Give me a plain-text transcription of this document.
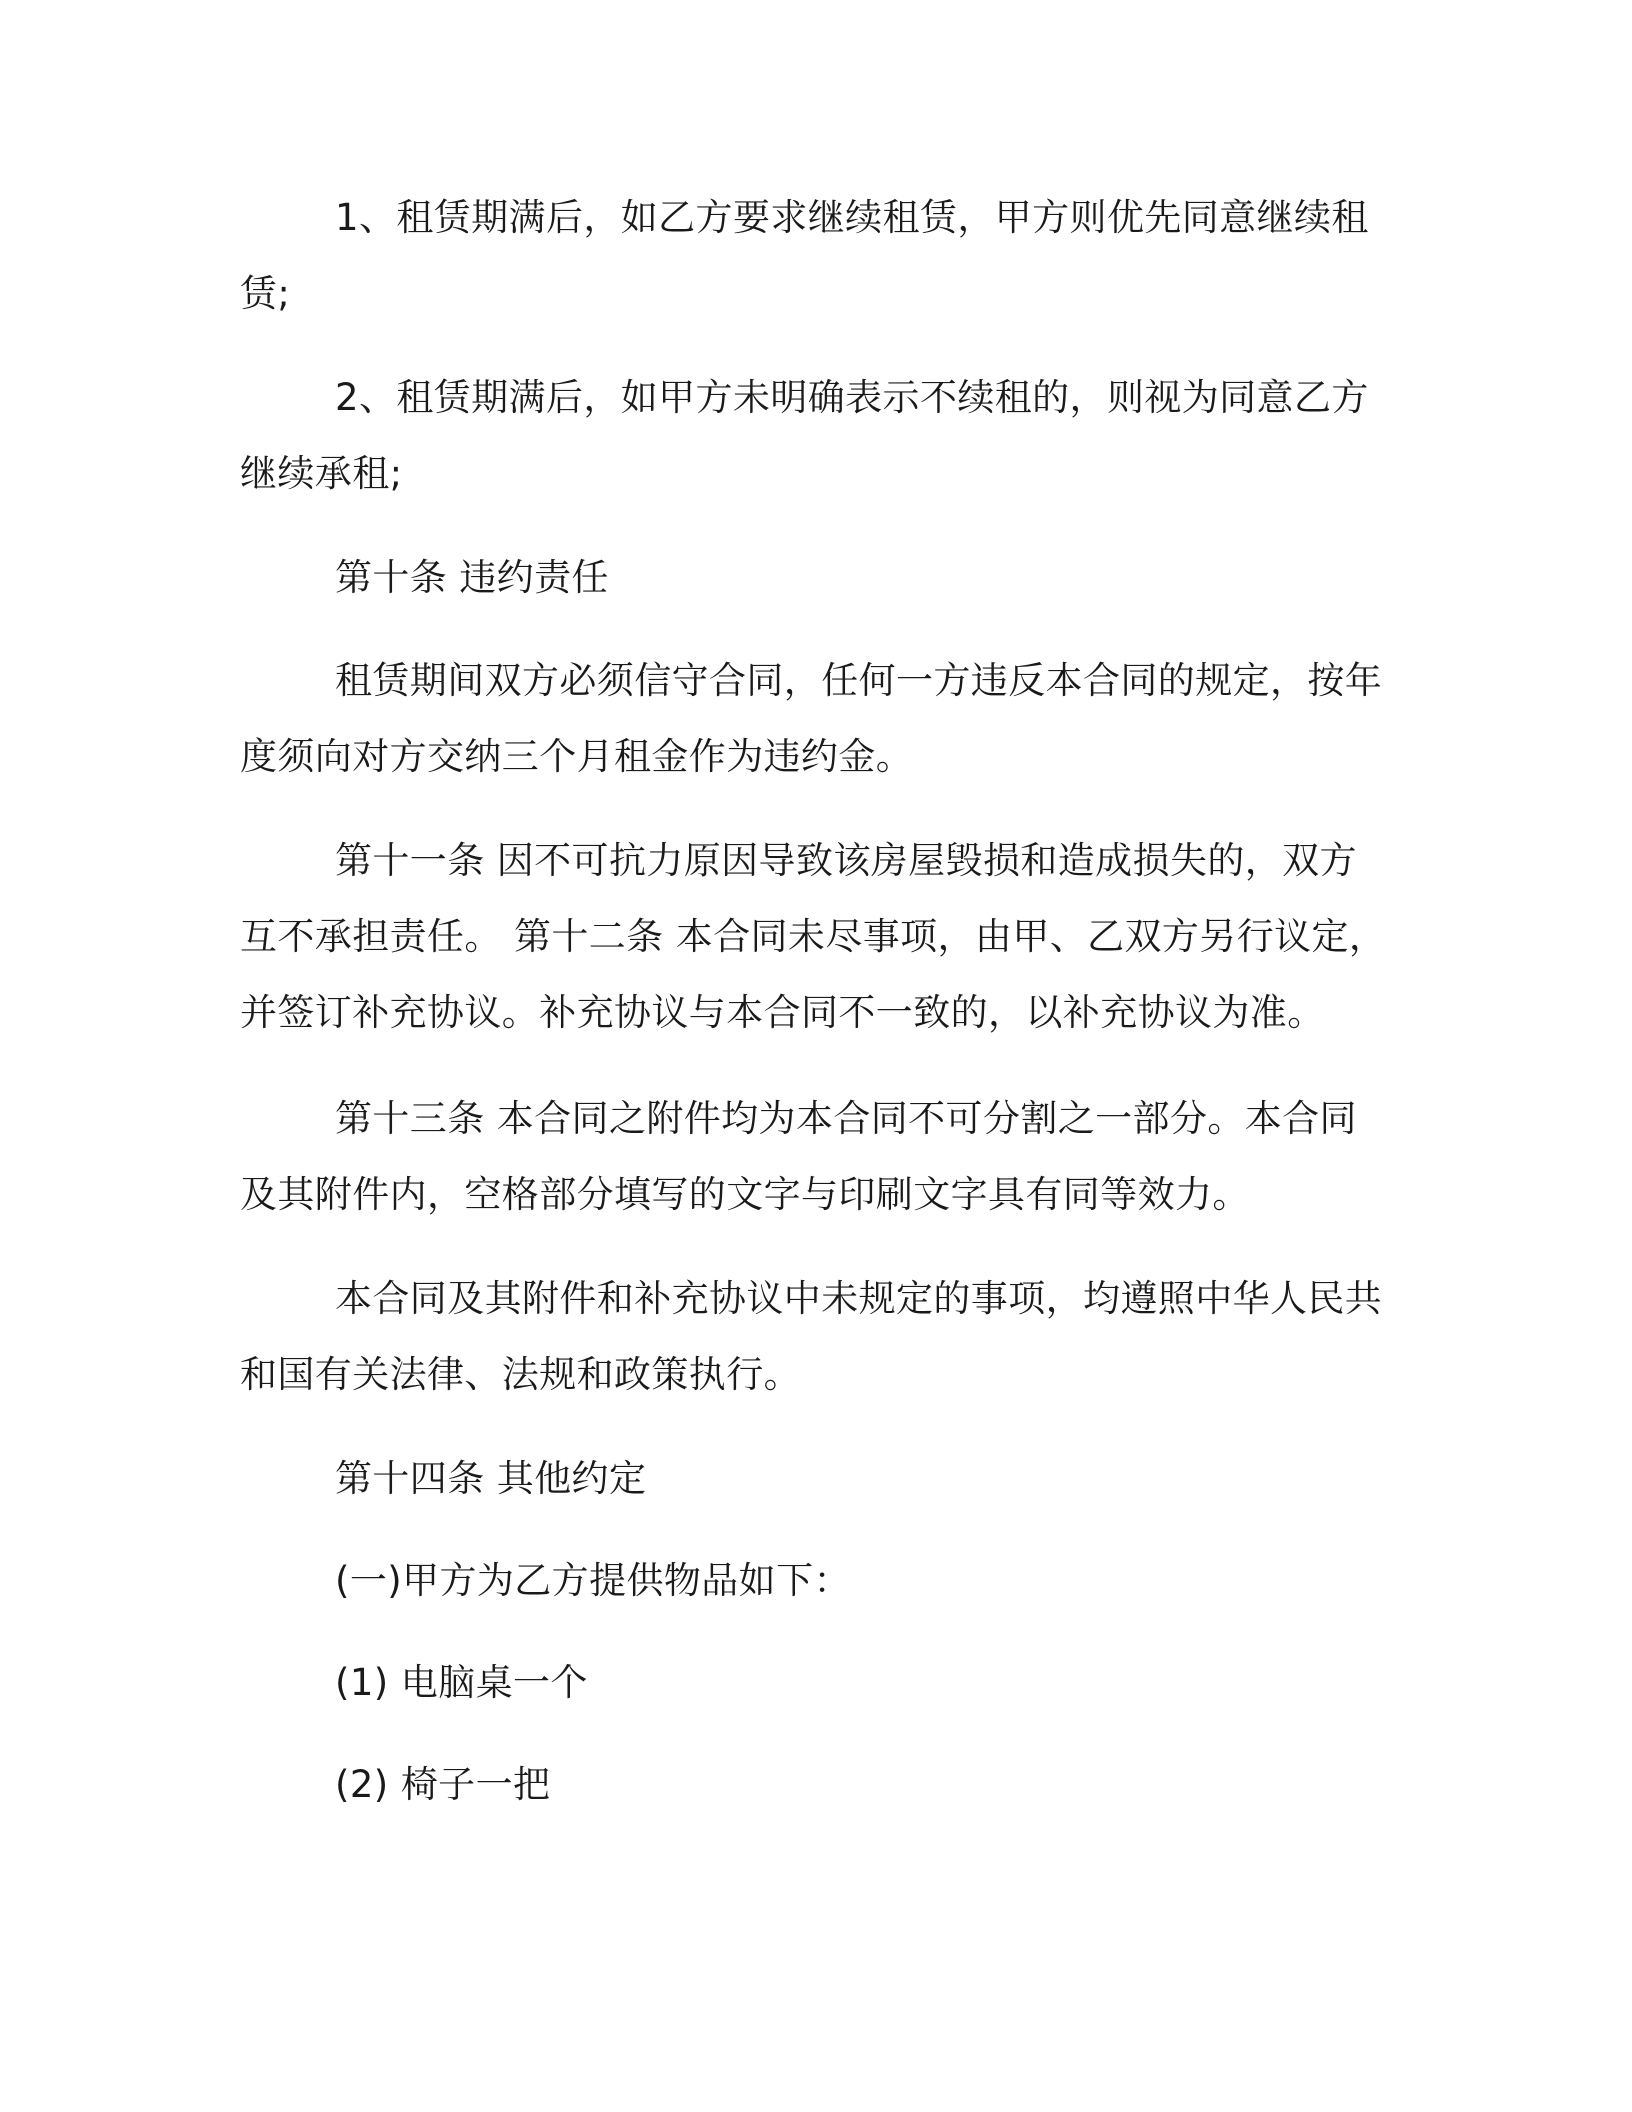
1、租赁期满后，如乙方要求继续租赁，甲方则优先同意继续租赁;

2、租赁期满后，如甲方未明确表示不续租的，则视为同意乙方继续承租;

第十条 违约责任

租赁期间双方必须信守合同，任何一方违反本合同的规定，按年度须向对方交纳三个月租金作为违约金。

第十一条 因不可抗力原因导致该房屋毁损和造成损失的，双方互不承担责任。 第十二条 本合同未尽事项，由甲、乙双方另行议定，并签订补充协议。补充协议与本合同不一致的，以补充协议为准。

第十三条 本合同之附件均为本合同不可分割之一部分。本合同及其附件内，空格部分填写的文字与印刷文字具有同等效力。

本合同及其附件和补充协议中未规定的事项，均遵照中华人民共和国有关法律、法规和政策执行。

第十四条 其他约定

(一)甲方为乙方提供物品如下：

(1) 电脑桌一个

(2) 椅子一把
